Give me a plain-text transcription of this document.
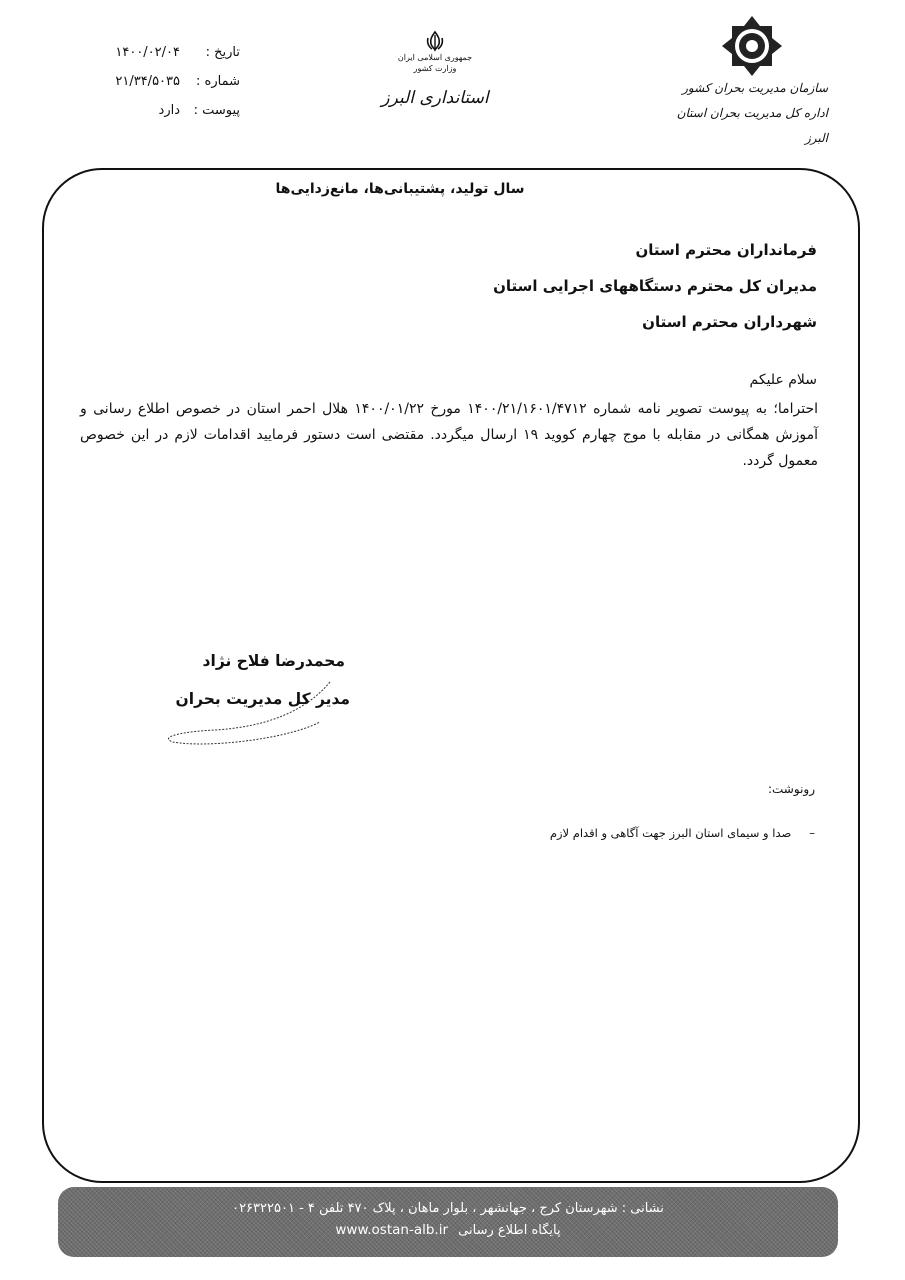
تاریخ :
۱۴۰۰/۰۲/۰۴
شماره :
۲۱/۳۴/۵۰۳۵
پیوست :
دارد
جمهوری اسلامی ایران
وزارت کشور
استانداری البرز	سازمان مدیریت بحران کشور
اداره کل مدیریت بحران استان البرز
سال تولید، پشتیبانی‌ها، مانع‌زدایی‌ها
فرمانداران محترم استان
مدیران کل محترم دستگاههای اجرایی استان
شهرداران محترم استان
سلام علیکم
احتراما؛ به پیوست تصویر نامه شماره ۱۴۰۰/۲۱/۱۶۰۱/۴۷۱۲ مورخ ۱۴۰۰/۰۱/۲۲ هلال احمر استان در خصوص اطلاع رسانی و آموزش همگانی در مقابله با موج چهارم کووید ۱۹ ارسال میگردد. مقتضی است دستور فرمایید اقدامات لازم در این خصوص معمول گردد.
محمدرضا فلاح نژاد
مدیر کل مدیریت بحران
رونوشت:
–
صدا و سیمای استان البرز جهت آگاهی و اقدام لازم
نشانی : شهرستان کرج ، جهانشهر ، بلوار ماهان ، پلاک ۴۷۰ تلفن ۴ - ۰۲۶۳۲۲۵۰۱
پایگاه اطلاع رسانی www.ostan-alb.ir
